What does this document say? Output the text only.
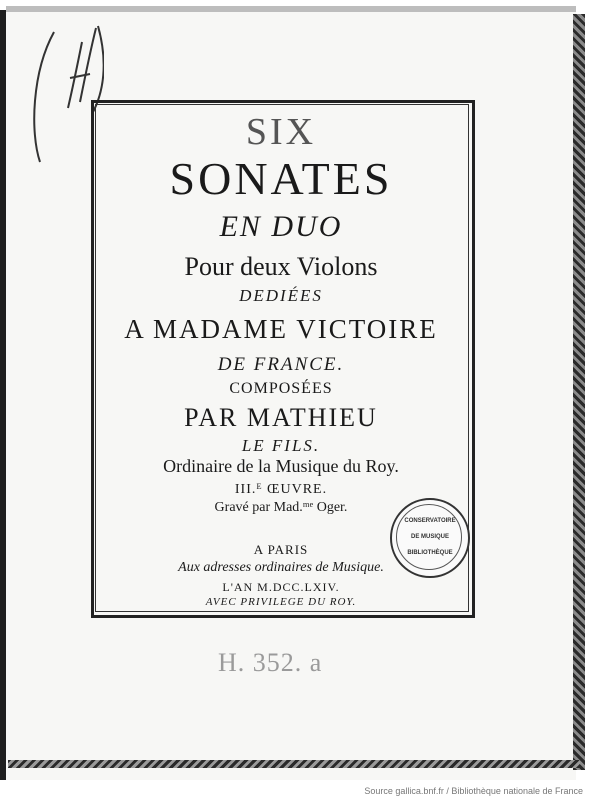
SIX
SONATES
EN DUO
Pour deux Violons
DEDIÉES
A MADAME VICTOIRE
DE FRANCE.
COMPOSÉES
PAR MATHIEU
LE FILS.
Ordinaire de la Musique du Roy.
III.ᴱ ŒUVRE.
Gravé par Mad.ᵐᵉ Oger.
A PARIS
Aux adresses ordinaires de Musique.
L'AN M.DCC.LXIV.
AVEC PRIVILEGE DU ROY.
CONSERVATOIRE
DE MUSIQUE
BIBLIOTHÈQUE
H. 352. a
Source gallica.bnf.fr / Bibliothèque nationale de France
